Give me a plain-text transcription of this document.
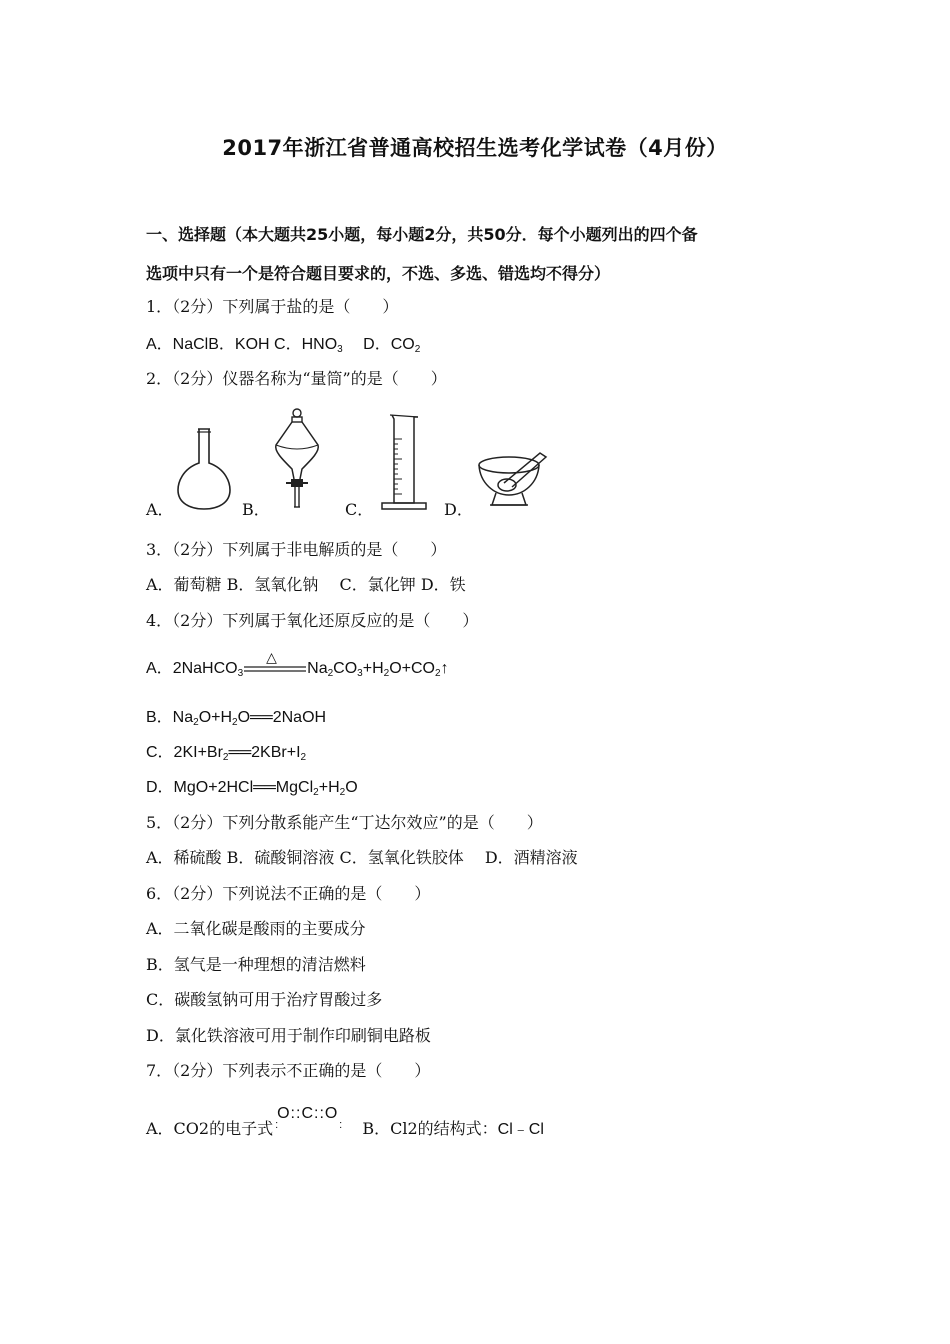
2017年浙江省普通高校招生选考化学试卷（4月份）
一、选择题（本大题共25小题，每小题2分，共50分．每个小题列出的四个备
选项中只有一个是符合题目要求的，不选、多选、错选均不得分）
1．（2分）下列属于盐的是（　　）
A．NaClB．KOH C．$HNO_3$　 D．$CO_2$
2．（2分）仪器名称为“量筒”的是（　　）
A．	B．	C．	D．
3．（2分）下列属于非电解质的是（　　）
A．葡萄糖 B．氢氧化钠　 C．氯化钾 D．铁
4．（2分）下列属于氧化还原反应的是（　　）
A．2NaHCO$_3$
△
$Na_2CO_3+H_2O+CO_2↑$
B．$Na_2O+H_2O══2NaOH$
C．$2KI+Br_2══2KBr+I_2$
D．$MgO+2HCl══MgCl_2+H_2O$
5．（2分）下列分散系能产生“丁达尔效应”的是（　　）
A．稀硫酸 B．硫酸铜溶液 C．氢氧化铁胶体　 D．酒精溶液
6．（2分）下列说法不正确的是（　　）
A．二氧化碳是酸雨的主要成分
B．氢气是一种理想的清洁燃料
C．碳酸氢钠可用于治疗胃酸过多
D．氯化铁溶液可用于制作印刷铜电路板
7．（2分）下列表示不正确的是（　　）
A．CO2的电子式O::C::O
:	: B．Cl2的结构式：Cl﹣Cl
